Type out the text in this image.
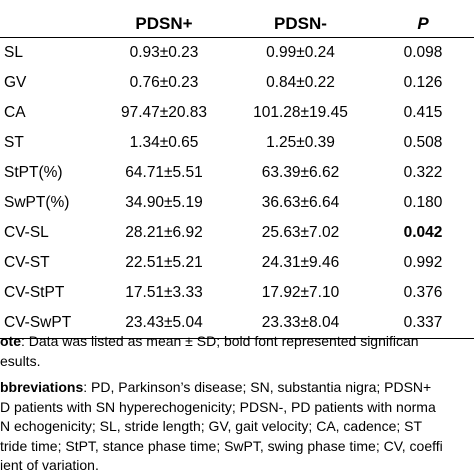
	PDSN+	PDSN-	P
SL	0.93±0.23	0.99±0.24	0.098
GV	0.76±0.23	0.84±0.22	0.126
CA	97.47±20.83	101.28±19.45	0.415
ST	1.34±0.65	1.25±0.39	0.508
StPT(%)	64.71±5.51	63.39±6.62	0.322
SwPT(%)	34.90±5.19	36.63±6.64	0.180
CV-SL	28.21±6.92	25.63±7.02	0.042
CV-ST	22.51±5.21	24.31±9.46	0.992
CV-StPT	17.51±3.33	17.92±7.10	0.376
CV-SwPT	23.43±5.04	23.33±8.04	0.337
ote: Data was listed as mean ± SD; bold font represented significan
esults.
bbreviations: PD, Parkinson’s disease; SN, substantia nigra; PDSN+
D patients with SN hyperechogenicity; PDSN-, PD patients with norma
N echogenicity; SL, stride length; GV, gait velocity; CA, cadence; ST
tride time; StPT, stance phase time; SwPT, swing phase time; CV, coeffi
ient of variation.
